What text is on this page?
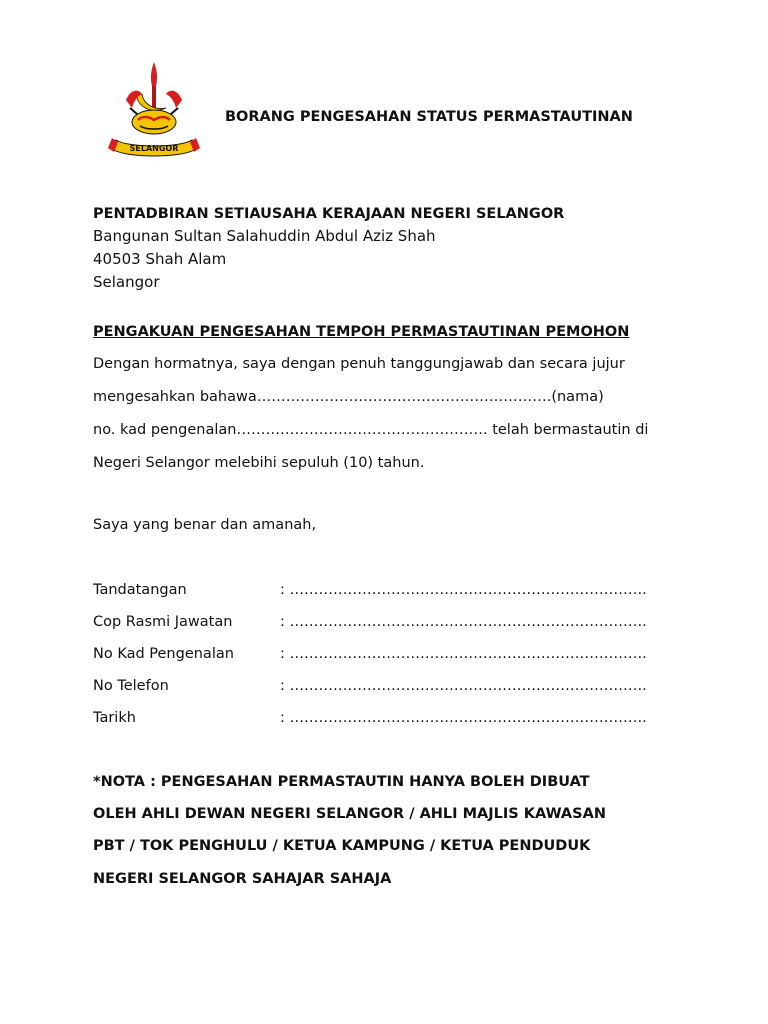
SELANGOR
BORANG PENGESAHAN STATUS PERMASTAUTINAN
PENTADBIRAN SETIAUSAHA KERAJAAN NEGERI SELANGOR
Bangunan Sultan Salahuddin Abdul Aziz Shah
40503 Shah Alam
Selangor
PENGAKUAN PENGESAHAN TEMPOH PERMASTAUTINAN PEMOHON
Dengan hormatnya, saya dengan penuh tanggungjawab dan secara jujur
mengesahkan bahawa…………………………………………………….(nama)
no. kad pengenalan……………………………………………. telah bermastautin di
Negeri Selangor melebihi sepuluh (10) tahun.
Saya yang benar dan amanah,
Tandatangan	: ………………………………………………………………..
Cop Rasmi Jawatan	: ………………………………………………………………..
No Kad Pengenalan	: ………………………………………………………………..
No Telefon	: ………………………………………………………………..
Tarikh	: ………………………………………………………………..
*NOTA : PENGESAHAN PERMASTAUTIN HANYA BOLEH DIBUAT
OLEH AHLI DEWAN NEGERI SELANGOR / AHLI MAJLIS KAWASAN
PBT / TOK PENGHULU / KETUA KAMPUNG / KETUA PENDUDUK
NEGERI SELANGOR SAHAJAR SAHAJA
